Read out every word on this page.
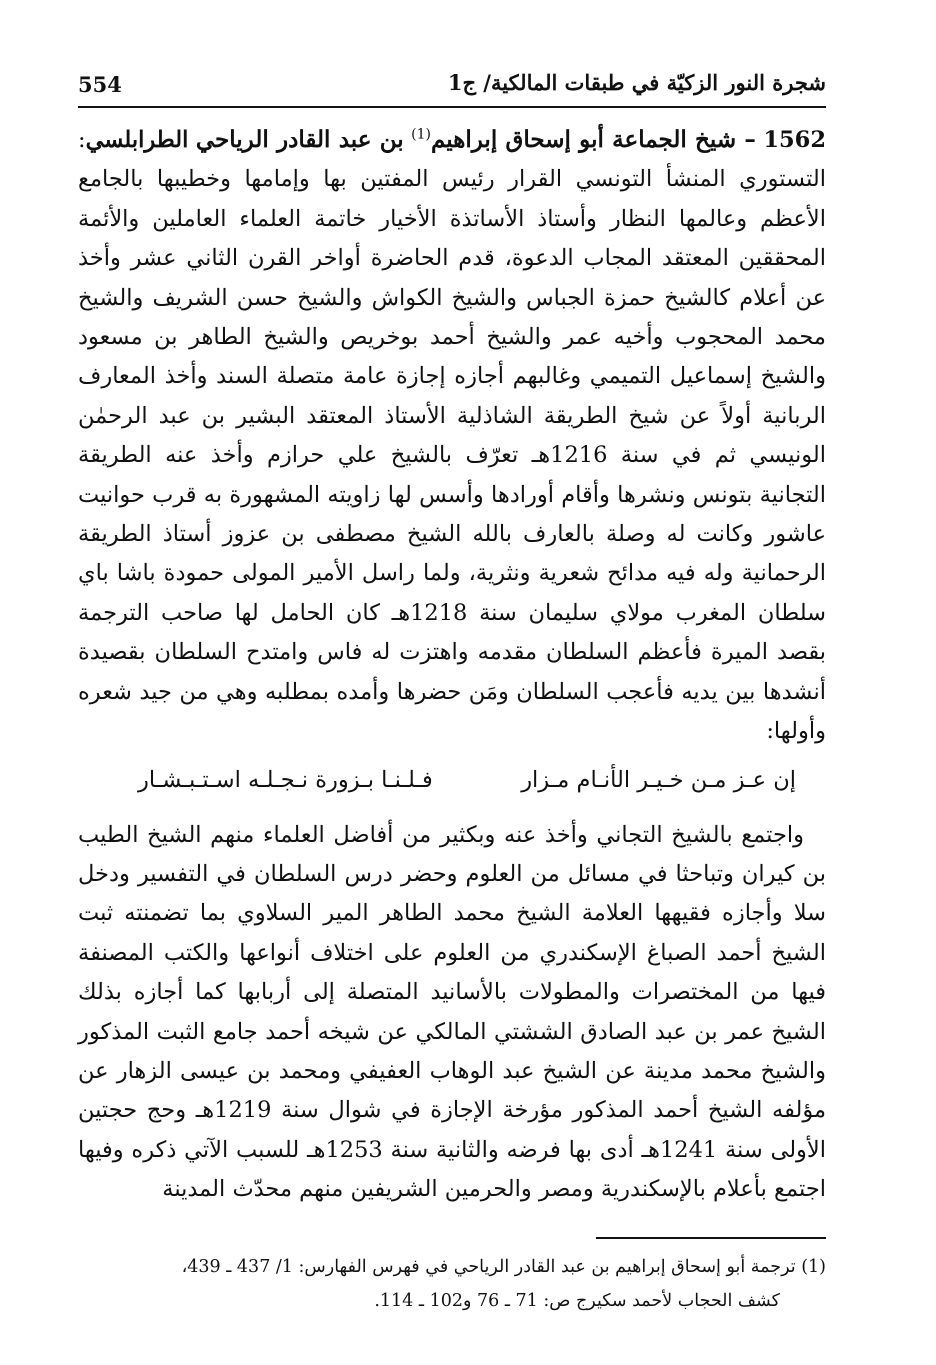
554	شجرة النور الزكيّة في طبقات المالكية/ ج1

1562 – شيخ الجماعة أبو إسحاق إبراهيم$^{(1)}$ بن عبد القادر الرياحي الطرابلسي: التستوري المنشأ التونسي القرار رئيس المفتين بها وإمامها وخطيبها بالجامع الأعظم وعالمها النظار وأستاذ الأساتذة الأخيار خاتمة العلماء العاملين والأئمة المحققين المعتقد المجاب الدعوة، قدم الحاضرة أواخر القرن الثاني عشر وأخذ عن أعلام كالشيخ حمزة الجباس والشيخ الكواش والشيخ حسن الشريف والشيخ محمد المحجوب وأخيه عمر والشيخ أحمد بوخريص والشيخ الطاهر بن مسعود والشيخ إسماعيل التميمي وغالبهم أجازه إجازة عامة متصلة السند وأخذ المعارف الربانية أولاً عن شيخ الطريقة الشاذلية الأستاذ المعتقد البشير بن عبد الرحمٰن الونيسي ثم في سنة 1216هـ تعرّف بالشيخ علي حرازم وأخذ عنه الطريقة التجانية بتونس ونشرها وأقام أورادها وأسس لها زاويته المشهورة به قرب حوانيت عاشور وكانت له وصلة بالعارف بالله الشيخ مصطفى بن عزوز أستاذ الطريقة الرحمانية وله فيه مدائح شعرية ونثرية، ولما راسل الأمير المولى حمودة باشا باي سلطان المغرب مولاي سليمان سنة 1218هـ كان الحامل لها صاحب الترجمة بقصد الميرة فأعظم السلطان مقدمه واهتزت له فاس وامتدح السلطان بقصيدة أنشدها بين يديه فأعجب السلطان ومَن حضرها وأمده بمطلبه وهي من جيد شعره وأولها:

إن عـز مـن خـيـر الأنـام مـزار
فـلـنـا بـزورة نـجـلـه اسـتـبـشـار

واجتمع بالشيخ التجاني وأخذ عنه وبكثير من أفاضل العلماء منهم الشيخ الطيب بن كيران وتباحثا في مسائل من العلوم وحضر درس السلطان في التفسير ودخل سلا وأجازه فقيهها العلامة الشيخ محمد الطاهر المير السلاوي بما تضمنته ثبت الشيخ أحمد الصباغ الإسكندري من العلوم على اختلاف أنواعها والكتب المصنفة فيها من المختصرات والمطولات بالأسانيد المتصلة إلى أربابها كما أجازه بذلك الشيخ عمر بن عبد الصادق الششتي المالكي عن شيخه أحمد جامع الثبت المذكور والشيخ محمد مدينة عن الشيخ عبد الوهاب العفيفي ومحمد بن عيسى الزهار عن مؤلفه الشيخ أحمد المذكور مؤرخة الإجازة في شوال سنة 1219هـ وحج حجتين الأولى سنة 1241هـ أدى بها فرضه والثانية سنة 1253هـ للسبب الآتي ذكره وفيها اجتمع بأعلام بالإسكندرية ومصر والحرمين الشريفين منهم محدّث المدينة

(1) ترجمة أبو إسحاق إبراهيم بن عبد القادر الرياحي في فهرس الفهارس: 1/ 437 ـ 439،

كشف الحجاب لأحمد سكيرج ص: 71 ـ 76 و102 ـ 114.
